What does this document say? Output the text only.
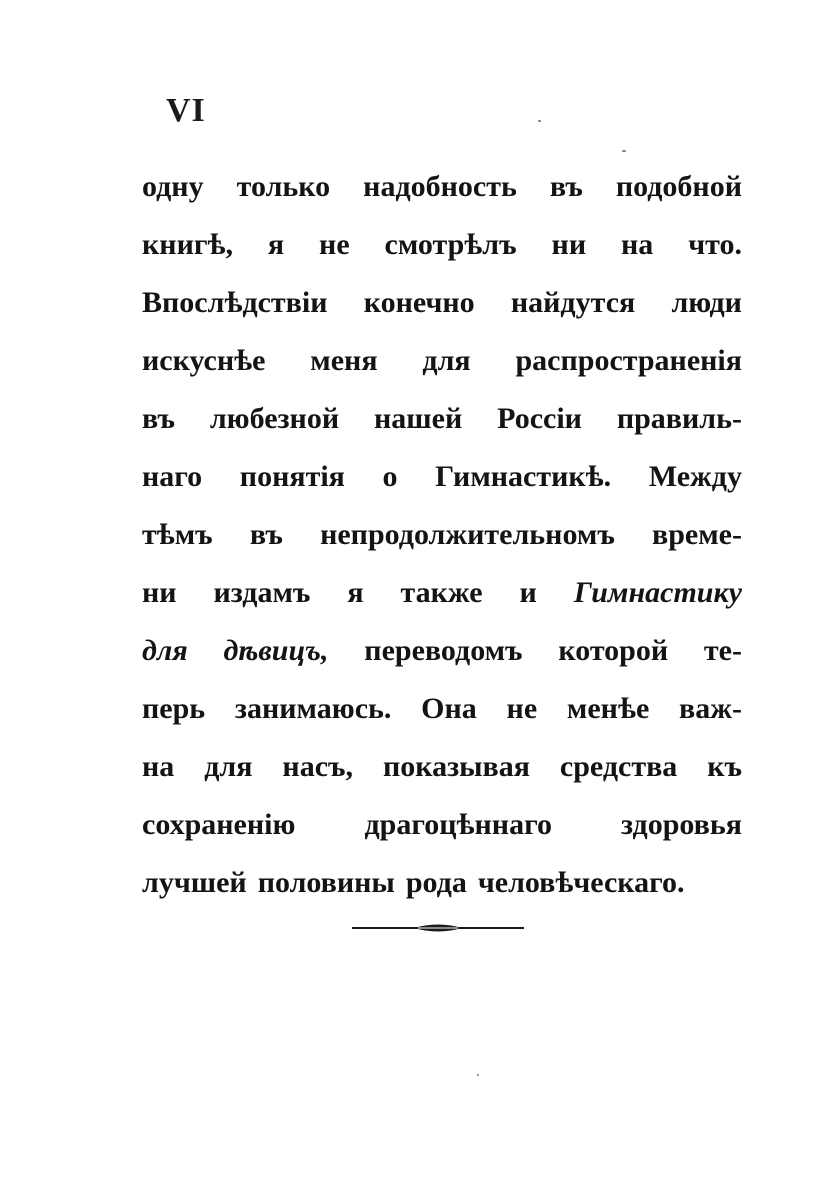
VI
одну только надобность въ подобной
книгѣ, я не смотрѣлъ ни на что.
Впослѣдствіи конечно найдутся люди
искуснѣе меня для распространенія
въ любезной нашей Россіи правиль-
наго понятія о Гимнастикѣ. Между
тѣмъ въ непродолжительномъ време-
ни издамъ я также и Гимнастику
для дѣвицъ, переводомъ которой те-
перь занимаюсь. Она не менѣе важ-
на для насъ, показывая средства къ
сохраненію драгоцѣннаго здоровья
лучшей половины рода человѣческаго.
